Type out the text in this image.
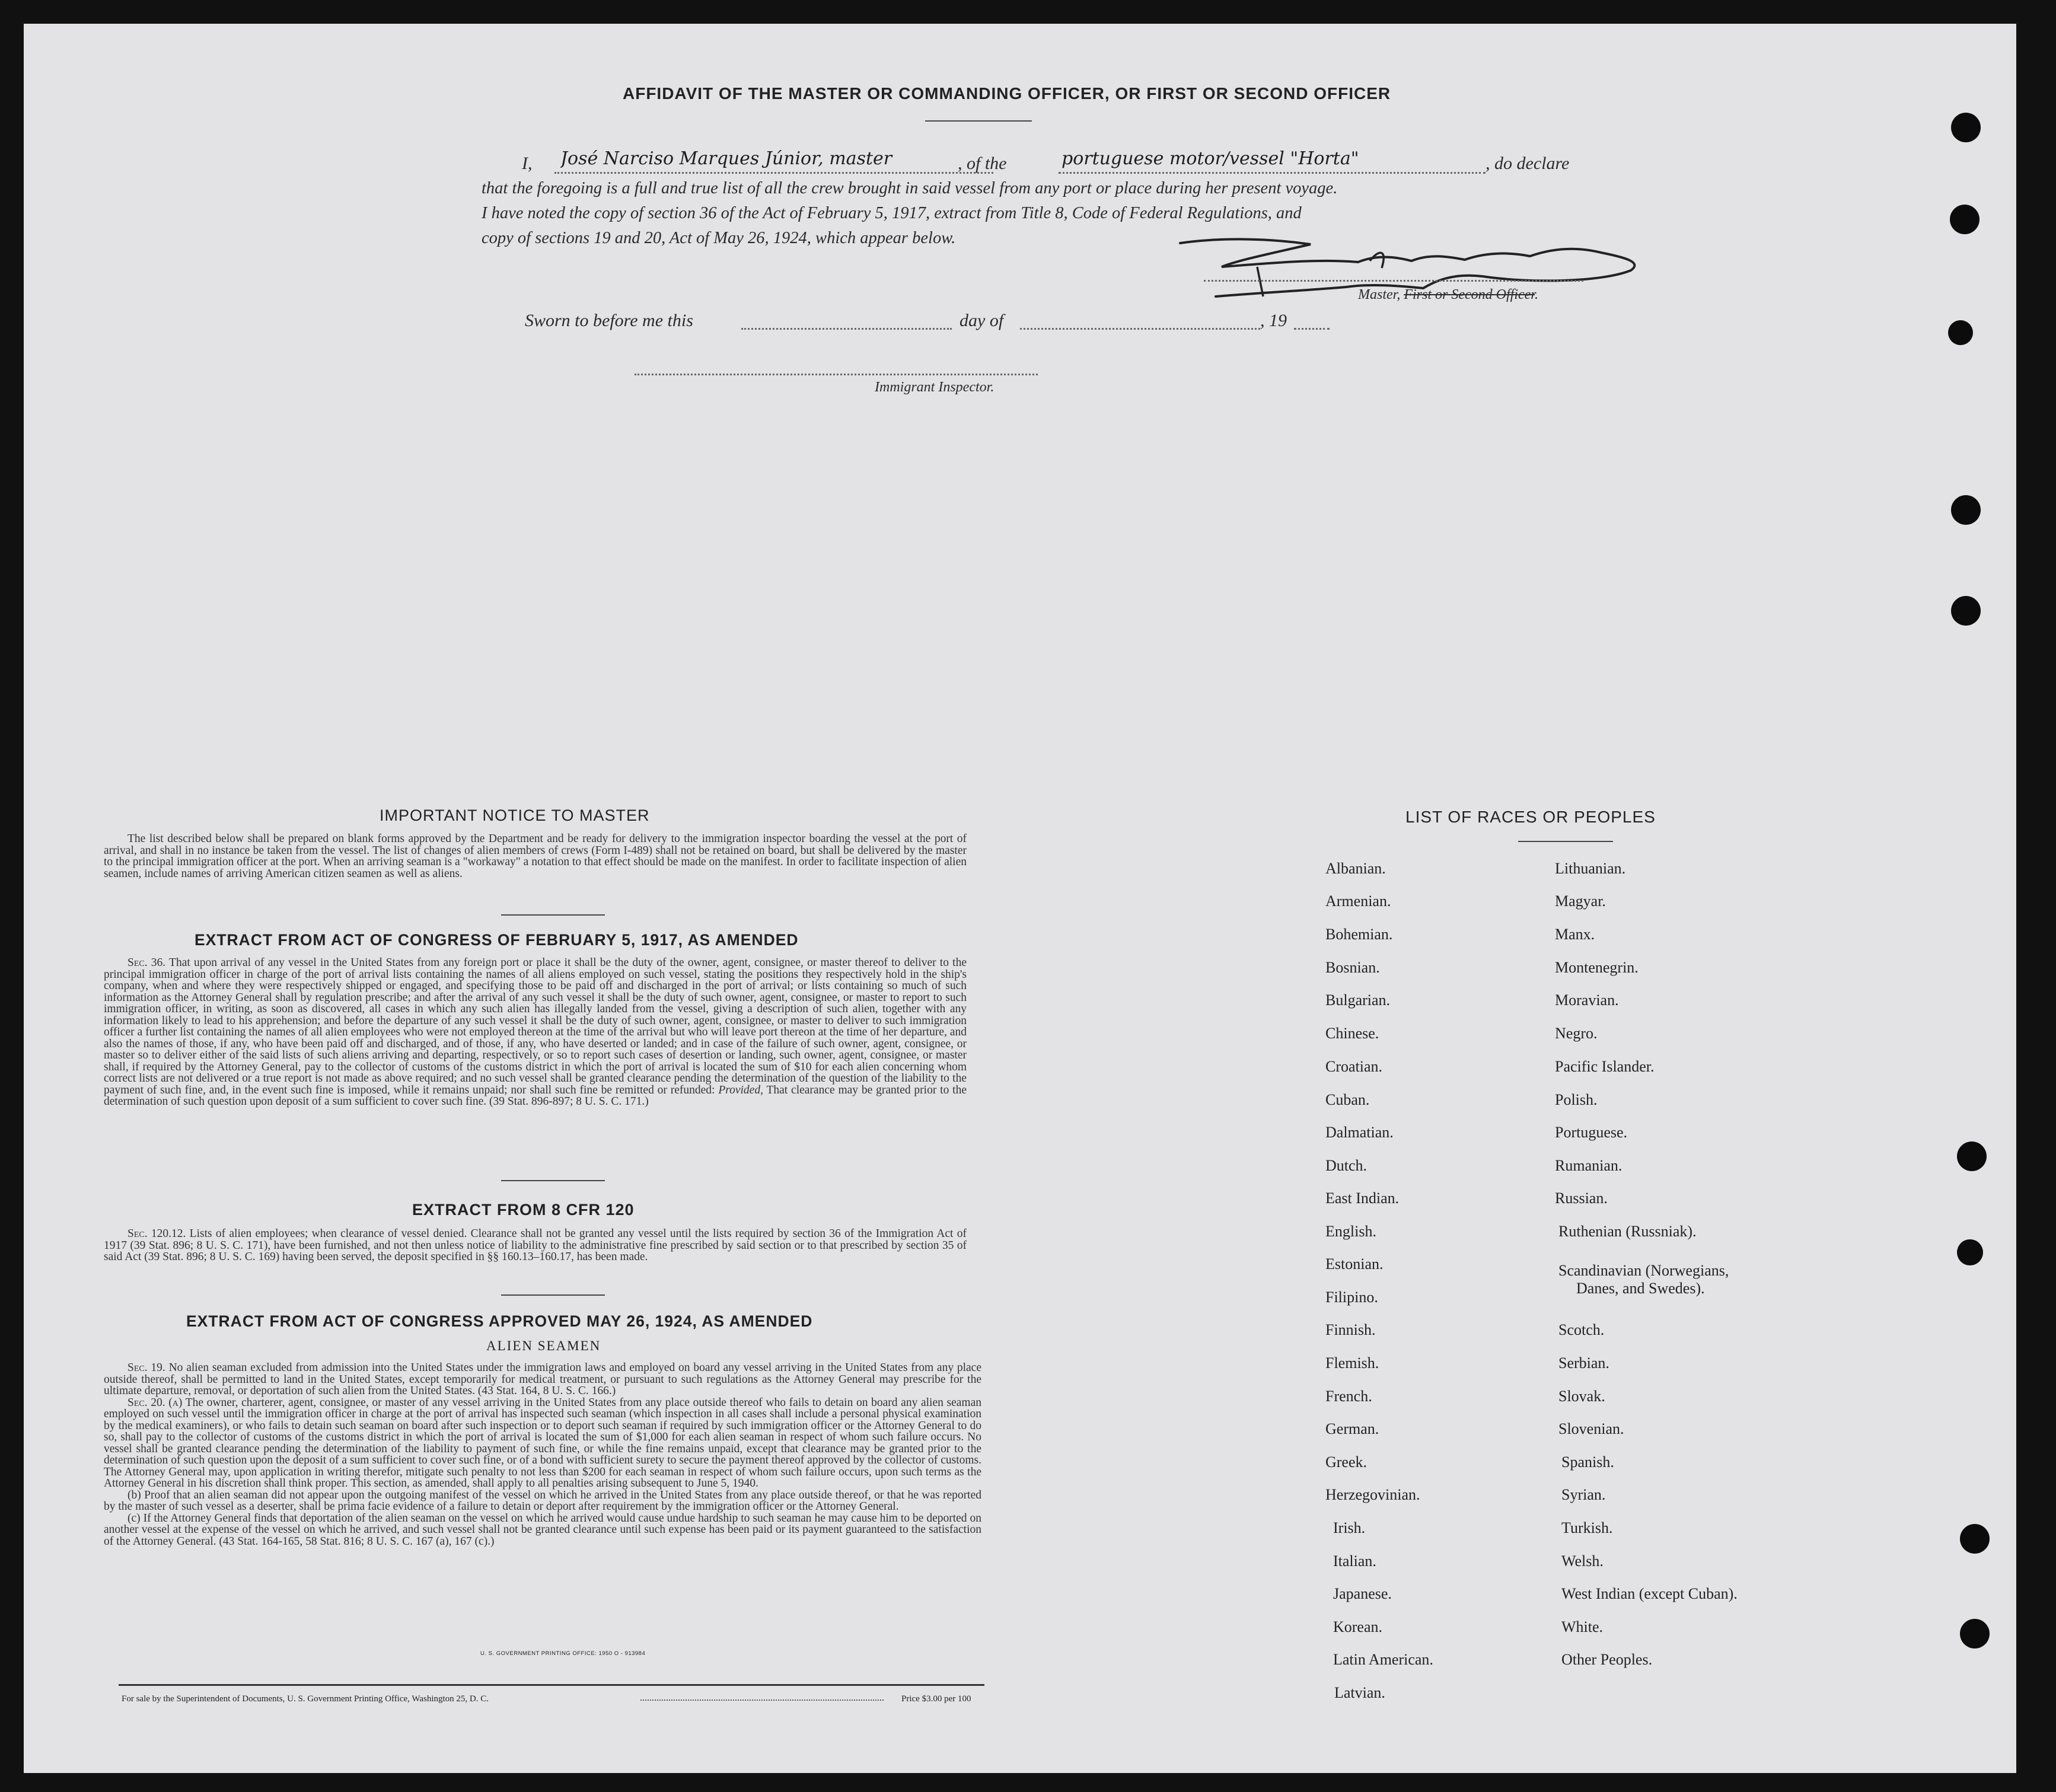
AFFIDAVIT OF THE MASTER OR COMMANDING OFFICER, OR FIRST OR SECOND OFFICER
I, José Narciso Marques Júnior, master	, of the	portuguese motor/vessel "Horta"	, do declare
that the foregoing is a full and true list of all the crew brought in said vessel from any port or place during her present voyage.
I have noted the copy of section 36 of the Act of February 5, 1917, extract from Title 8, Code of Federal Regulations, and
copy of sections 19 and 20, Act of May 26, 1924, which appear below.
Master, First or Second Officer.
Sworn to before me this	day of	, 19
Immigrant Inspector.
IMPORTANT NOTICE TO MASTER
The list described below shall be prepared on blank forms approved by the Department and be ready for delivery to the immigration inspector boarding the vessel at the port of arrival, and shall in no instance be taken from the vessel. The list of changes of alien members of crews (Form I-489) shall not be retained on board, but shall be delivered by the master to the principal immigration officer at the port. When an arriving seaman is a "workaway" a notation to that effect should be made on the manifest. In order to facilitate inspection of alien seamen, include names of arriving American citizen seamen as well as aliens.
EXTRACT FROM ACT OF CONGRESS OF FEBRUARY 5, 1917, AS AMENDED
Sec. 36. That upon arrival of any vessel in the United States from any foreign port or place it shall be the duty of the owner, agent, consignee, or master thereof to deliver to the principal immigration officer in charge of the port of arrival lists containing the names of all aliens employed on such vessel, stating the positions they respectively hold in the ship's company, when and where they were respectively shipped or engaged, and specifying those to be paid off and discharged in the port of arrival; or lists containing so much of such information as the Attorney General shall by regulation prescribe; and after the arrival of any such vessel it shall be the duty of such owner, agent, consignee, or master to report to such immigration officer, in writing, as soon as discovered, all cases in which any such alien has illegally landed from the vessel, giving a description of such alien, together with any information likely to lead to his apprehension; and before the departure of any such vessel it shall be the duty of such owner, agent, consignee, or master to deliver to such immigration officer a further list containing the names of all alien employees who were not employed thereon at the time of the arrival but who will leave port thereon at the time of her departure, and also the names of those, if any, who have been paid off and discharged, and of those, if any, who have deserted or landed; and in case of the failure of such owner, agent, consignee, or master so to deliver either of the said lists of such aliens arriving and departing, respectively, or so to report such cases of desertion or landing, such owner, agent, consignee, or master shall, if required by the Attorney General, pay to the collector of customs of the customs district in which the port of arrival is located the sum of $10 for each alien concerning whom correct lists are not delivered or a true report is not made as above required; and no such vessel shall be granted clearance pending the determination of the question of the liability to the payment of such fine, and, in the event such fine is imposed, while it remains unpaid; nor shall such fine be remitted or refunded: Provided, That clearance may be granted prior to the determination of such question upon deposit of a sum sufficient to cover such fine. (39 Stat. 896-897; 8 U. S. C. 171.)
EXTRACT FROM 8 CFR 120
Sec. 120.12. Lists of alien employees; when clearance of vessel denied. Clearance shall not be granted any vessel until the lists required by section 36 of the Immigration Act of 1917 (39 Stat. 896; 8 U. S. C. 171), have been furnished, and not then unless notice of liability to the administrative fine prescribed by said section or to that prescribed by section 35 of said Act (39 Stat. 896; 8 U. S. C. 169) having been served, the deposit specified in §§ 160.13–160.17, has been made.
EXTRACT FROM ACT OF CONGRESS APPROVED MAY 26, 1924, AS AMENDED
ALIEN SEAMEN

Sec. 19. No alien seaman excluded from admission into the United States under the immigration laws and employed on board any vessel arriving in the United States from any place outside thereof, shall be permitted to land in the United States, except temporarily for medical treatment, or pursuant to such regulations as the Attorney General may prescribe for the ultimate departure, removal, or deportation of such alien from the United States. (43 Stat. 164, 8 U. S. C. 166.)

Sec. 20. (a) The owner, charterer, agent, consignee, or master of any vessel arriving in the United States from any place outside thereof who fails to detain on board any alien seaman employed on such vessel until the immigration officer in charge at the port of arrival has inspected such seaman (which inspection in all cases shall include a personal physical examination by the medical examiners), or who fails to detain such seaman on board after such inspection or to deport such seaman if required by such immigration officer or the Attorney General to do so, shall pay to the collector of customs of the customs district in which the port of arrival is located the sum of $1,000 for each alien seaman in respect of whom such failure occurs. No vessel shall be granted clearance pending the determination of the liability to payment of such fine, or while the fine remains unpaid, except that clearance may be granted prior to the determination of such question upon the deposit of a sum sufficient to cover such fine, or of a bond with sufficient surety to secure the payment thereof approved by the collector of customs. The Attorney General may, upon application in writing therefor, mitigate such penalty to not less than $200 for each seaman in respect of whom such failure occurs, upon such terms as the Attorney General in his discretion shall think proper. This section, as amended, shall apply to all penalties arising subsequent to June 5, 1940.

(b) Proof that an alien seaman did not appear upon the outgoing manifest of the vessel on which he arrived in the United States from any place outside thereof, or that he was reported by the master of such vessel as a deserter, shall be prima facie evidence of a failure to detain or deport after requirement by the immigration officer or the Attorney General.

(c) If the Attorney General finds that deportation of the alien seaman on the vessel on which he arrived would cause undue hardship to such seaman he may cause him to be deported on another vessel at the expense of the vessel on which he arrived, and such vessel shall not be granted clearance until such expense has been paid or its payment guaranteed to the satisfaction of the Attorney General. (43 Stat. 164-165, 58 Stat. 816; 8 U. S. C. 167 (a), 167 (c).)

U. S. GOVERNMENT PRINTING OFFICE: 1950 O - 913984
For sale by the Superintendent of Documents, U. S. Government Printing Office, Washington 25, D. C.	Price $3.00 per 100
LIST OF RACES OR PEOPLES
Albanian.
Armenian.
Bohemian.
Bosnian.
Bulgarian.
Chinese.
Croatian.
Cuban.
Dalmatian.
Dutch.
East Indian.
English.
Estonian.
Filipino.
Finnish.
Flemish.
French.
German.
Greek.
Herzegovinian.
Irish.
Italian.
Japanese.
Korean.
Latin American.
Latvian.
Lithuanian.
Magyar.
Manx.
Montenegrin.
Moravian.
Negro.
Pacific Islander.
Polish.
Portuguese.
Rumanian.
Russian.
Ruthenian (Russniak).
Scandinavian (Norwegians,
Danes, and Swedes).
Scotch.
Serbian.
Slovak.
Slovenian.
Spanish.
Syrian.
Turkish.
Welsh.
West Indian (except Cuban).
White.
Other Peoples.
